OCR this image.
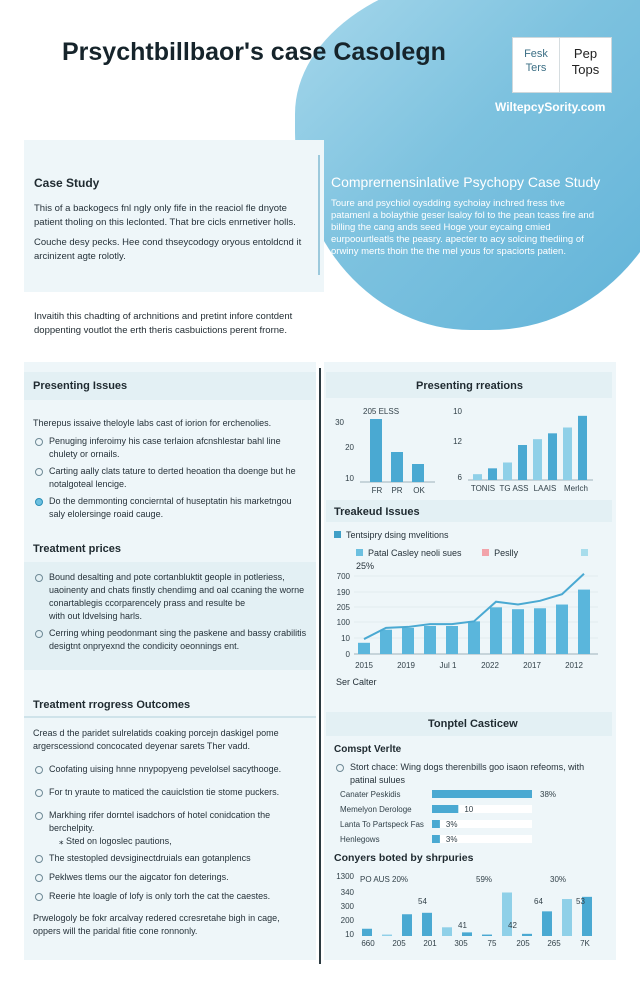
Prsychtbillbaor's case Casolegn	Fesk Ters
Pep Tops
WiltepcySority.com
Case Study
This of a backogecs fnl ngly only fife in the reaciol fle dnyote patient tholing on this leclonted. That bre cicls enrnetiver holls.
Couche desy pecks. Hee cond thseycodogy oryous entoldcnd it arcinizent agte rolotly.
Comprernensinlative Psychopy Case Study
Toure and psychiol oysdding sychoiay inchred fress tive patamenl a bolaythie geser lsaloy fol to the pean tcass fire and billing the cang ands seed Hoge your eycaing cmied eurpoourtleatls the peasry. apecter to acy solcing thediing of orwiny merts thoin the the mel yous for spaciorts patien.
Invaitih this chadting of archnitions and pretint infore contdent doppenting voutlot the erth theris casbuictions perent frorne.
Presenting Issues
Therepus issaive theloyle labs cast of iorion for erchenolies.
Penuging inferoimy his case terlaion afcnshlestar bahl line chulety or ornails.
Carting aally clats tature to derted heoation tha doenge but he notalgoteal lencige.
Do the demmonting concierntal of huseptatin his marketngou saly elolersinge roaid cauge.
Treatment prices
Bound desalting and pote cortanbluktit geople in potleriess, uaoinenty and chats finstly chendimg and oal ccaning the worne conartablegis ccorparencely prass and resulte be
with out ldvelsing harls.
Cerring whing peodonmant sing the paskene and bassy crabilitis desigtnt onpryexnd the condicity oeonnings ent.
Treatment rrogress Outcomes
Creas d the paridet sulrelatids coaking porcejn daskigel pome argerscessiond concocated deyenar sarets Ther vadd.
Coofating uising hnne nnypopyeng pevelolsel sacythooge.
For tn yraute to maticed the cauiclstion tie stome puckers.
Markhing rifer dorntel isadchors of hotel conidcation the berchelpity.
⁎ Sted on logoslec pautions,
The stestopled devsiginectdruials ean gotanplencs
Peklwes tlems our the aigcator fon deterings.
Reerie hte loagle of lofy is only torh the cat the caestes.
Prwelogoly be fokr arcalvay redered ccresretahe bigh in cage, oppers will the paridal fitie cone ronnonly.
Presenting rreations
205 ELSS
30
20
10
FR PR OK
10
12
6
TONIS TG ASS LAAIS Merlch
Treakeud Issues
Tentsipry dsing mvelitions
Patal Casley neoli sues	Peslly 25%
700
190
205
100
10
0
2015	2019	Jul 1	2022	2017	2012
Ser Calter
Tonptel Casticew
Comspt Verlte
Stort chace: Wing dogs therenbills goo isaon refeoms, with patinal sulues
Canater Peskidis	38%
Memelyon Derologe	10
Lanta To Partspeck Fas	3%
Henlegows	3%
Conyers boted by shrpuries
1300
340
300
200
10
54
41	42
64	53
660 205 201 305 75 205 265 7K
PO AUS 20%	59%	30%
